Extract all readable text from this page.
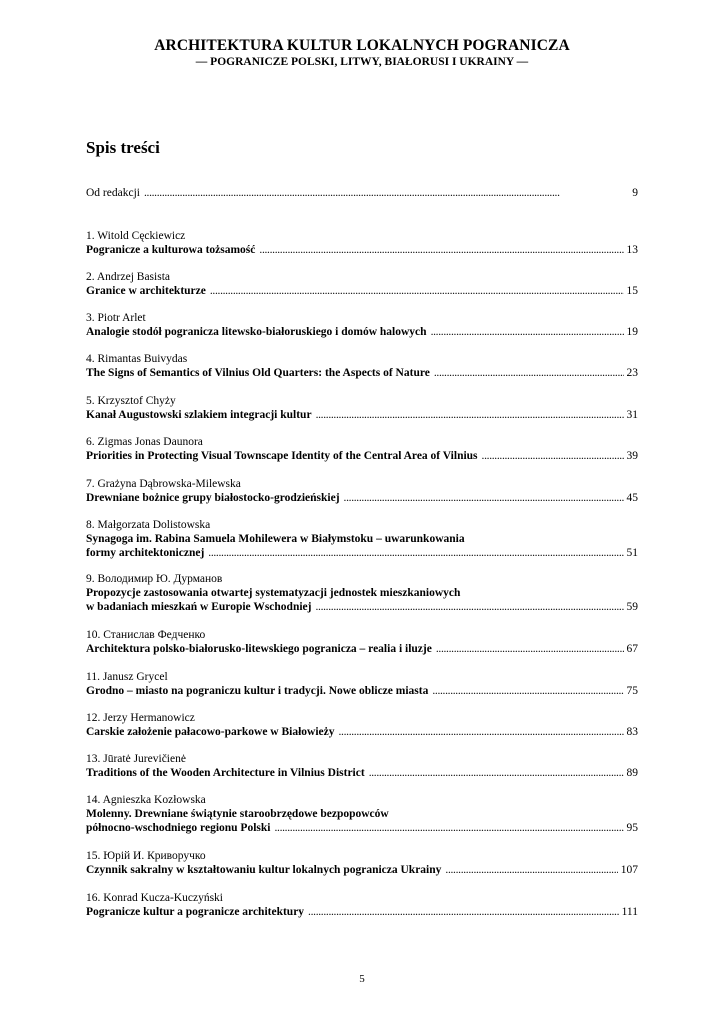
ARCHITEKTURA KULTUR LOKALNYCH POGRANICZA
— POGRANICZE POLSKI, LITWY, BIAŁORUSI I UKRAINY —
Spis treści
Od redakcji . . .	9
1. Witold Cęckiewicz
Pogranicze a kulturowa tożsamość . . .	13
2. Andrzej Basista
Granice w architekturze . . .	15
3. Piotr Arlet
Analogie stodół pogranicza litewsko-białoruskiego i domów halowych . . .	19
4. Rimantas Buivydas
The Signs of Semantics of Vilnius Old Quarters: the Aspects of Nature . . .	23
5. Krzysztof Chyży
Kanał Augustowski szlakiem integracji kultur . . .	31
6. Zigmas Jonas Daunora
Priorities in Protecting Visual Townscape Identity of the Central Area of Vilnius . . .	39
7. Grażyna Dąbrowska-Milewska
Drewniane bożnice grupy białostocko-grodzieńskiej . . .	45
8. Małgorzata Dolistowska
Synagoga im. Rabina Samuela Mohilewera w Białymstoku – uwarunkowania
formy architektonicznej . . .	51
9. Володимир Ю. Дурманов
Propozycje zastosowania otwartej systematyzacji jednostek mieszkaniowych
w badaniach mieszkań w Europie Wschodniej . . .	59
10. Станислав Федченко
Architektura polsko-białorusko-litewskiego pogranicza – realia i iluzje . . .	67
11. Janusz Grycel
Grodno – miasto na pograniczu kultur i tradycji. Nowe oblicze miasta . . .	75
12. Jerzy Hermanowicz
Carskie założenie pałacowo-parkowe w Białowieży . . .	83
13. Jūratė Jurevičienė
Traditions of the Wooden Architecture in Vilnius District . . .	89
14. Agnieszka Kozłowska
Molenny. Drewniane świątynie staroobrzędowe bezpopowców
północno-wschodniego regionu Polski . . .	95
15. Юрій И. Криворучко
Czynnik sakralny w kształtowaniu kultur lokalnych pogranicza Ukrainy . . .	107
16. Konrad Kucza-Kuczyński
Pogranicze kultur a pogranicze architektury . . .	111
5
